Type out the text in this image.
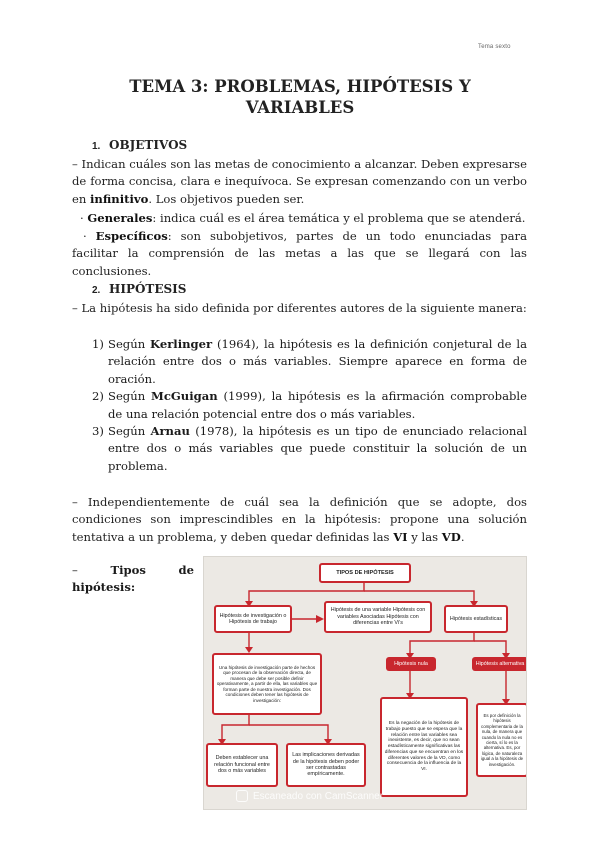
Tema sexto
TEMA 3: PROBLEMAS, HIPÓTESIS Y
VARIABLES
1. OBJETIVOS
– Indican cuáles son las metas de conocimiento a alcanzar. Deben expresarse de forma concisa, clara e inequívoca. Se expresan comenzando con un verbo en infinitivo. Los objetivos pueden ser.
· Generales: indica cuál es el área temática y el problema que se atenderá.
· Específicos: son subobjetivos, partes de un todo enunciadas para facilitar la comprensión de las metas a las que se llegará con las conclusiones.
2. HIPÓTESIS
– La hipótesis ha sido definida por diferentes autores de la siguiente manera:
1) Según Kerlinger (1964), la hipótesis es la definición conjetural de la relación entre dos o más variables. Siempre aparece en forma de oración.
2) Según McGuigan (1999), la hipótesis es la afirmación comprobable de una relación potencial entre dos o más variables.
3) Según Arnau (1978), la hipótesis es un tipo de enunciado relacional entre dos o más variables que puede constituir la solución de un problema.
– Independientemente de cuál sea la definición que se adopte, dos condiciones son imprescindibles en la hipótesis: propone una solución tentativa a un problema, y deben quedar definidas las VI y las VD.
–	Tipos	de
hipótesis:
TIPOS DE HIPÓTESIS
Hipótesis de investigación o Hipótesis de trabajo
Hipótesis de una variable Hipótesis con variables Asociadas Hipótesis con diferencias entre Vi’s
Hipótesis estadísticas
Una hipótesis de investigación parte de hechos que procesan de la observación directa, de manera que debe ser posible definir operativamente, a partir de ella, las variables que forman parte de nuestra investigación. Dos condiciones deben tener las hipótesis de investigación:
Hipótesis nula	Hipótesis alternativa
Deben establecer una relación funcional entre dos o más variables
Las implicaciones derivadas de la hipótesis deben poder ser contrastadas empíricamente.
Es la negación de la hipótesis de trabajo puesto que se espera que la relación entre las variables sea inexistente, es decir, que no sean estadísticamente significativas las diferencias que se encuentran en los diferentes valores de la VD, como consecuencia de la influencia de la VI.
Es por definición la hipótesis complementaria de la nula, de manera que cuando la nula no es cierta, sí lo es la alternativa. Es, por lógica, de naturaleza igual a la hipótesis de investigación.
Escaneado con CamScanner
